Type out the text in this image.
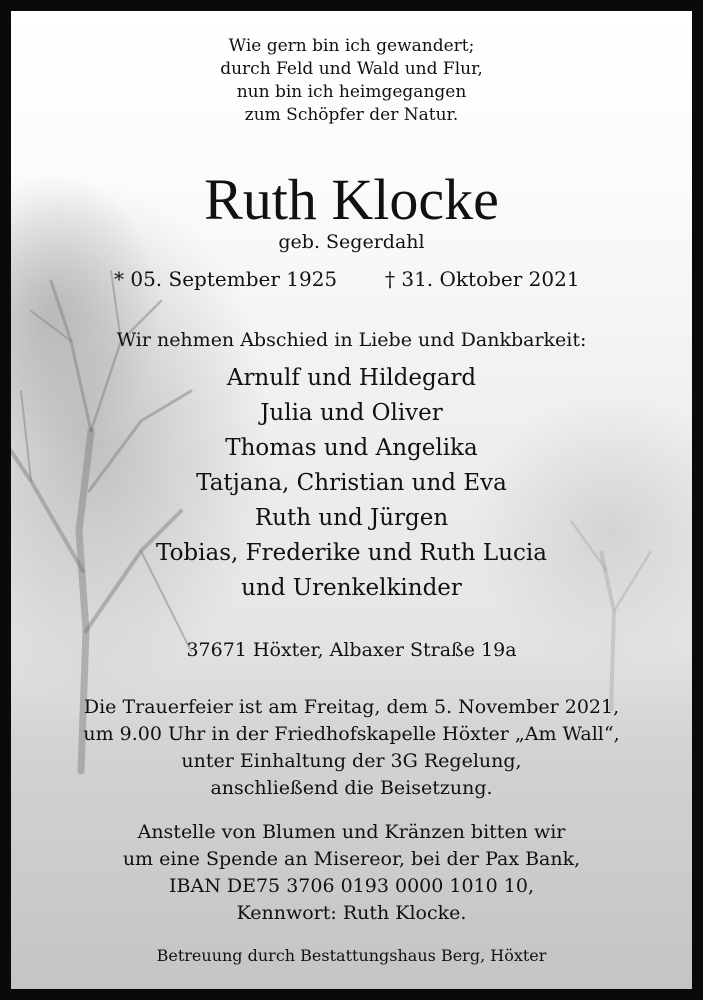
Wie gern bin ich gewandert;
durch Feld und Wald und Flur,
nun bin ich heimgegangen
zum Schöpfer der Natur.
Ruth Klocke
geb. Segerdahl
* 05. September 1925 † 31. Oktober 2021
Wir nehmen Abschied in Liebe und Dankbarkeit:
Arnulf und Hildegard
Julia und Oliver
Thomas und Angelika
Tatjana, Christian und Eva
Ruth und Jürgen
Tobias, Frederike und Ruth Lucia
und Urenkelkinder
37671 Höxter, Albaxer Straße 19a
Die Trauerfeier ist am Freitag, dem 5. November 2021,
um 9.00 Uhr in der Friedhofskapelle Höxter „Am Wall“,
unter Einhaltung der 3G Regelung,
anschließend die Beisetzung.
Anstelle von Blumen und Kränzen bitten wir
um eine Spende an Misereor, bei der Pax Bank,
IBAN DE75 3706 0193 0000 1010 10,
Kennwort: Ruth Klocke.
Betreuung durch Bestattungshaus Berg, Höxter
